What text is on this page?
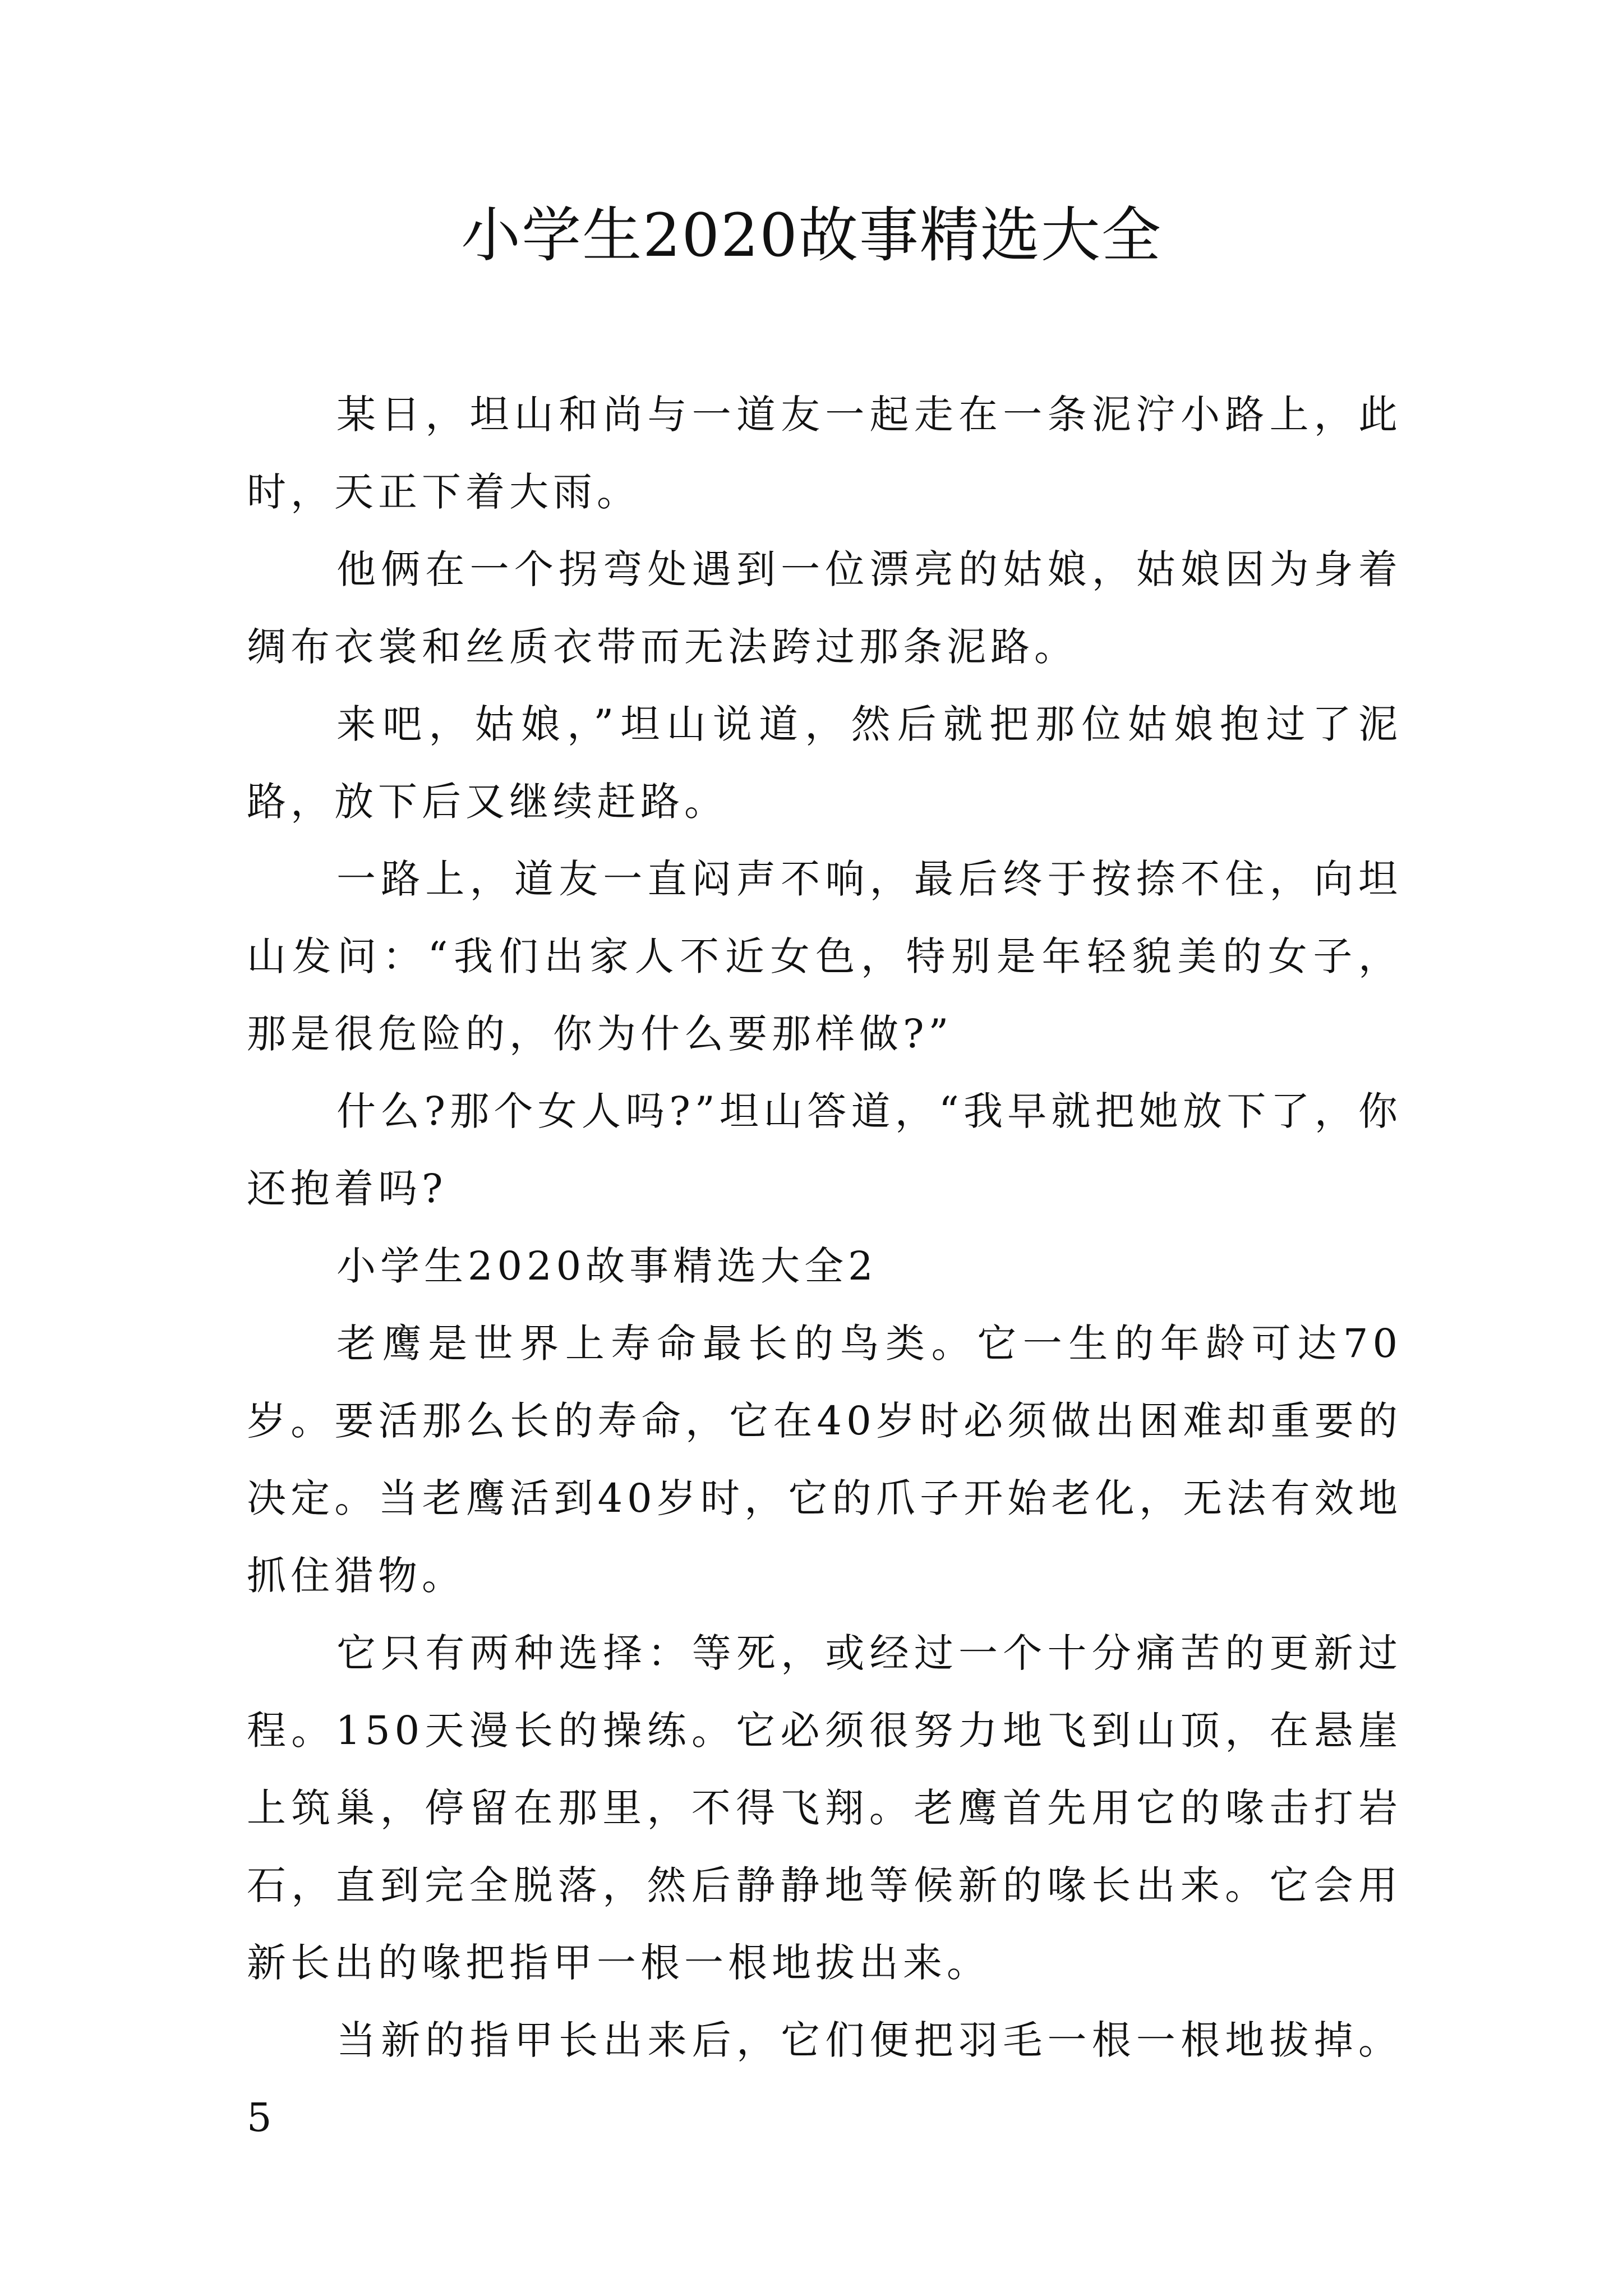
小学生2020故事精选大全

某日，坦山和尚与一道友一起走在一条泥泞小路上，此时，天正下着大雨。

他俩在一个拐弯处遇到一位漂亮的姑娘，姑娘因为身着绸布衣裳和丝质衣带而无法跨过那条泥路。

来吧，姑娘，”坦山说道，然后就把那位姑娘抱过了泥路，放下后又继续赶路。

一路上，道友一直闷声不响，最后终于按捺不住，向坦山发问：“我们出家人不近女色，特别是年轻貌美的女子，那是很危险的，你为什么要那样做?”

什么?那个女人吗?”坦山答道，“我早就把她放下了，你还抱着吗?

小学生2020故事精选大全2

老鹰是世界上寿命最长的鸟类。它一生的年龄可达70岁。要活那么长的寿命，它在40岁时必须做出困难却重要的决定。当老鹰活到40岁时，它的爪子开始老化，无法有效地抓住猎物。

它只有两种选择：等死，或经过一个十分痛苦的更新过程。150天漫长的操练。它必须很努力地飞到山顶，在悬崖上筑巢，停留在那里，不得飞翔。老鹰首先用它的喙击打岩石，直到完全脱落，然后静静地等候新的喙长出来。它会用新长出的喙把指甲一根一根地拔出来。

当新的指甲长出来后，它们便把羽毛一根一根地拔掉。5
